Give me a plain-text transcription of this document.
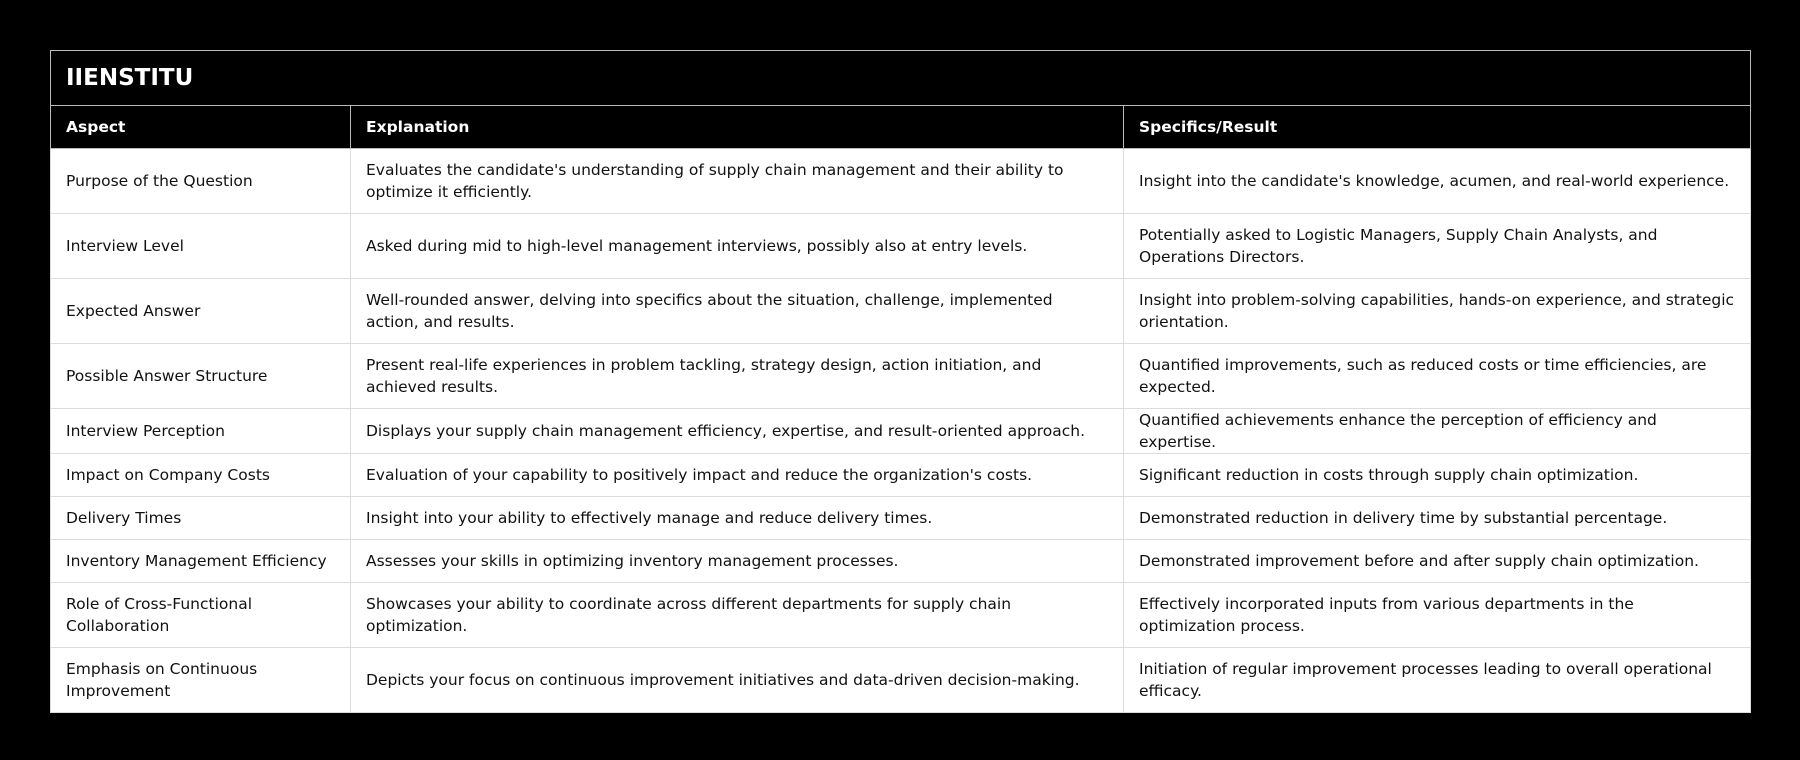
IIENSTITU		
Aspect	Explanation	Specifics/Result
Purpose of the Question	Evaluates the candidate's understanding of supply chain management and their ability to optimize it efficiently.	Insight into the candidate's knowledge, acumen, and real-world experience.
Interview Level	Asked during mid to high-level management interviews, possibly also at entry levels.	Potentially asked to Logistic Managers, Supply Chain Analysts, and Operations Directors.
Expected Answer	Well-rounded answer, delving into specifics about the situation, challenge, implemented action, and results.	Insight into problem-solving capabilities, hands-on experience, and strategic orientation.
Possible Answer Structure	Present real-life experiences in problem tackling, strategy design, action initiation, and achieved results.	Quantified improvements, such as reduced costs or time efficiencies, are expected.
Interview Perception	Displays your supply chain management efficiency, expertise, and result-oriented approach.	Quantified achievements enhance the perception of efficiency and expertise.
Impact on Company Costs	Evaluation of your capability to positively impact and reduce the organization's costs.	Significant reduction in costs through supply chain optimization.
Delivery Times	Insight into your ability to effectively manage and reduce delivery times.	Demonstrated reduction in delivery time by substantial percentage.
Inventory Management Efficiency	Assesses your skills in optimizing inventory management processes.	Demonstrated improvement before and after supply chain optimization.
Role of Cross-Functional Collaboration	Showcases your ability to coordinate across different departments for supply chain optimization.	Effectively incorporated inputs from various departments in the optimization process.
Emphasis on Continuous Improvement	Depicts your focus on continuous improvement initiatives and data-driven decision-making.	Initiation of regular improvement processes leading to overall operational efficacy.
